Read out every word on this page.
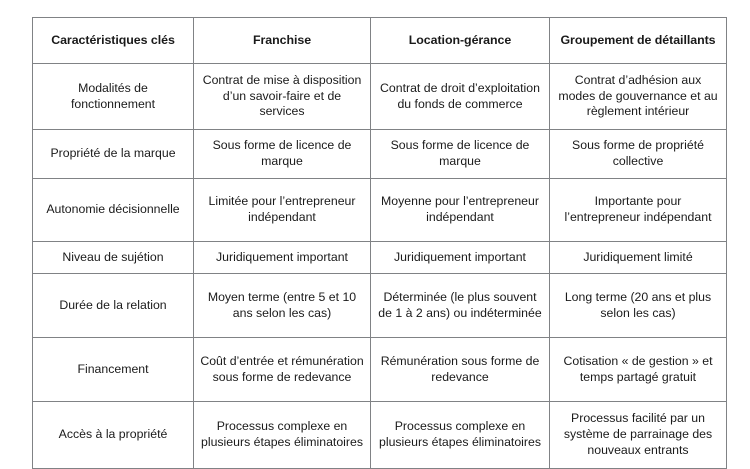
Caractéristiques clés	Franchise	Location-gérance	Groupement de détaillants
Modalités de fonctionnement	Contrat de mise à disposition d’un savoir-faire et de services	Contrat de droit d’exploitation du fonds de commerce	Contrat d’adhésion aux modes de gouvernance et au règlement intérieur
Propriété de la marque	Sous forme de licence de marque	Sous forme de licence de marque	Sous forme de propriété collective
Autonomie décisionnelle	Limitée pour l’entrepreneur indépendant	Moyenne pour l’entrepreneur indépendant	Importante pour l’entrepreneur indépendant
Niveau de sujétion	Juridiquement important	Juridiquement important	Juridiquement limité
Durée de la relation	Moyen terme (entre 5 et 10 ans selon les cas)	Déterminée (le plus souvent de 1 à 2 ans) ou indéterminée	Long terme (20 ans et plus selon les cas)
Financement	Coût d’entrée et rémunération sous forme de redevance	Rémunération sous forme de redevance	Cotisation « de gestion » et temps partagé gratuit
Accès à la propriété	Processus complexe en plusieurs étapes éliminatoires	Processus complexe en plusieurs étapes éliminatoires	Processus facilité par un système de parrainage des nouveaux entrants
